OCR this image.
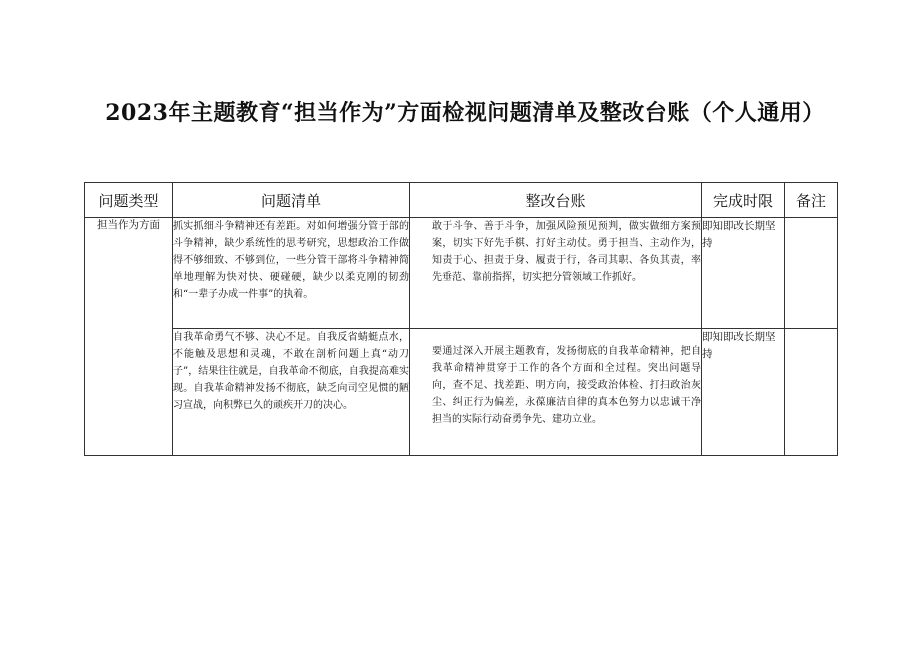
2023年主题教育“担当作为”方面检视问题清单及整改台账（个人通用）
问题类型	问题清单	整改台账	完成时限	备注
担当作为方面	抓实抓细斗争精神还有差距。对如何增强分管于部的斗争精神，缺少系统性的思考研究，思想政治工作做得不够细致、不够到位，一些分管干部将斗争精神简单地理解为快对快、硬碰硬，缺少以柔克刚的韧劲和“一辈子办成一件事”的执着。	敢于斗争、善于斗争，加强风险预见预判，做实做细方案预案，切实下好先手棋、打好主动仗。勇于担当、主动作为，知责于心、担责于身、履责于行，各司其职、各负其责，率先垂范、靠前指挥，切实把分管领域工作抓好。	即知即改长期坚持	
	自我革命勇气不够、决心不足。自我反省蜻蜓点水，不能触及思想和灵魂，不敢在剖析问题上真“动刀子”，结果往往就是，自我革命不彻底，自我提高难实现。自我革命精神发扬不彻底，缺乏向司空见惯的陋习宣战，向积弊已久的顽疾开刀的决心。	要通过深入开展主题教育，发扬彻底的自我革命精神，把自我革命精神贯穿于工作的各个方面和全过程。突出问题导向，查不足、找差距、明方向，接受政治体检、打扫政治灰尘、纠正行为偏差，永葆廉洁自律的真本色努力以忠诚干净担当的实际行动奋勇争先、建功立业。	即知即改长期坚持	
